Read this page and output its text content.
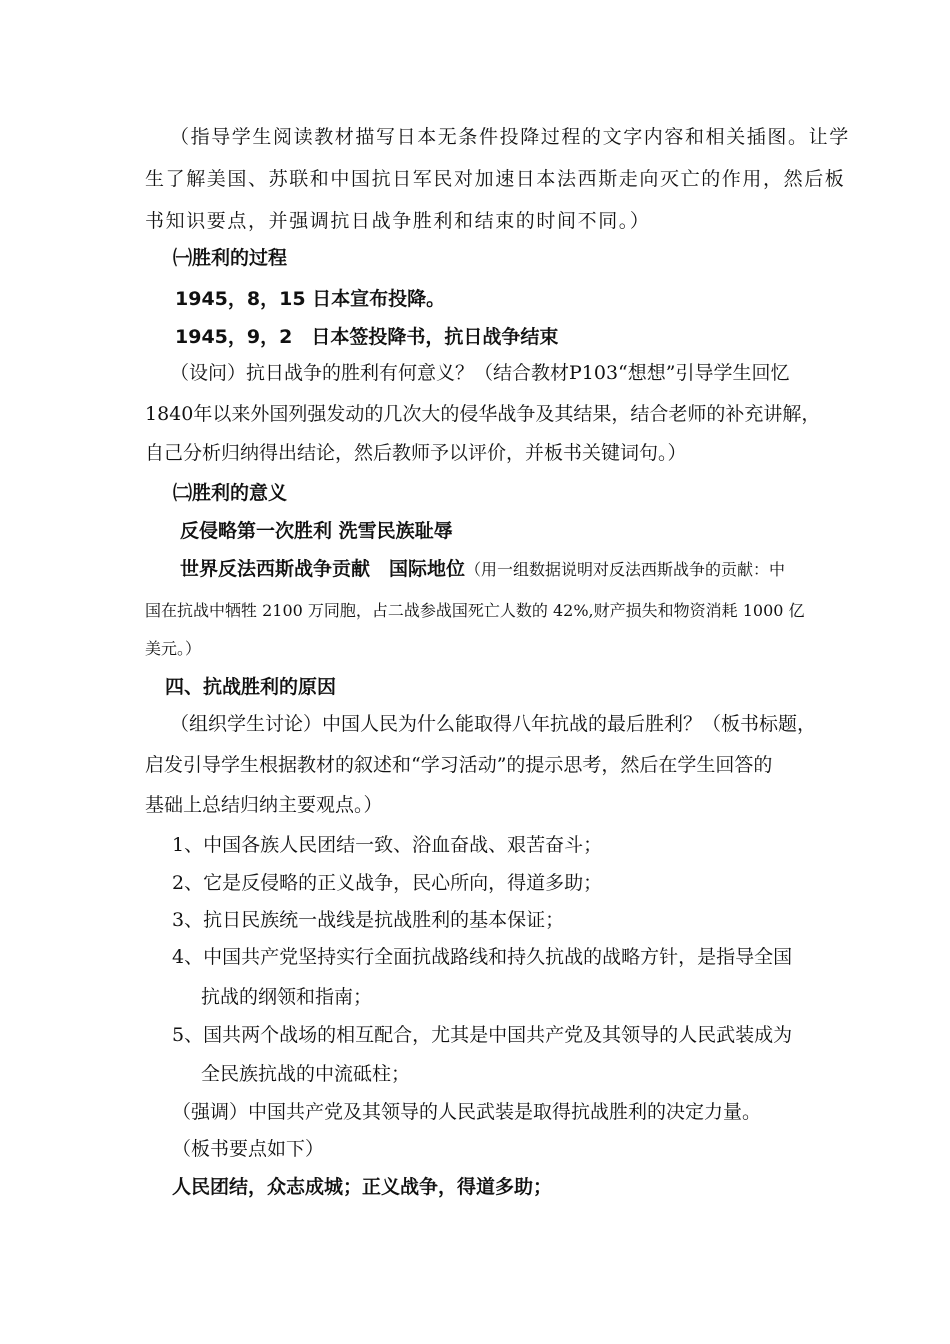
（指导学生阅读教材描写日本无条件投降过程的文字内容和相关插图。让学
生了解美国、苏联和中国抗日军民对加速日本法西斯走向灭亡的作用，然后板
书知识要点，并强调抗日战争胜利和结束的时间不同。）
㈠胜利的过程
1945，8，15 日本宣布投降。
1945，9，2　日本签投降书，抗日战争结束
（设问）抗日战争的胜利有何意义？（结合教材P103“想想”引导学生回忆
1840年以来外国列强发动的几次大的侵华战争及其结果，结合老师的补充讲解，
自己分析归纳得出结论，然后教师予以评价，并板书关键词句。）
㈡胜利的意义
反侵略第一次胜利 洗雪民族耻辱
世界反法西斯战争贡献　国际地位（用一组数据说明对反法西斯战争的贡献：中
国在抗战中牺牲 2100 万同胞，占二战参战国死亡人数的 42%,财产损失和物资消耗 1000 亿
美元。）
四、抗战胜利的原因
（组织学生讨论）中国人民为什么能取得八年抗战的最后胜利？（板书标题，
启发引导学生根据教材的叙述和“学习活动”的提示思考，然后在学生回答的
基础上总结归纳主要观点。）
1、中国各族人民团结一致、浴血奋战、艰苦奋斗；
2、它是反侵略的正义战争，民心所向，得道多助；
3、抗日民族统一战线是抗战胜利的基本保证；
4、中国共产党坚持实行全面抗战路线和持久抗战的战略方针，是指导全国
抗战的纲领和指南；
5、国共两个战场的相互配合，尤其是中国共产党及其领导的人民武装成为
全民族抗战的中流砥柱；
（强调）中国共产党及其领导的人民武装是取得抗战胜利的决定力量。
（板书要点如下）
人民团结，众志成城；正义战争，得道多助；
